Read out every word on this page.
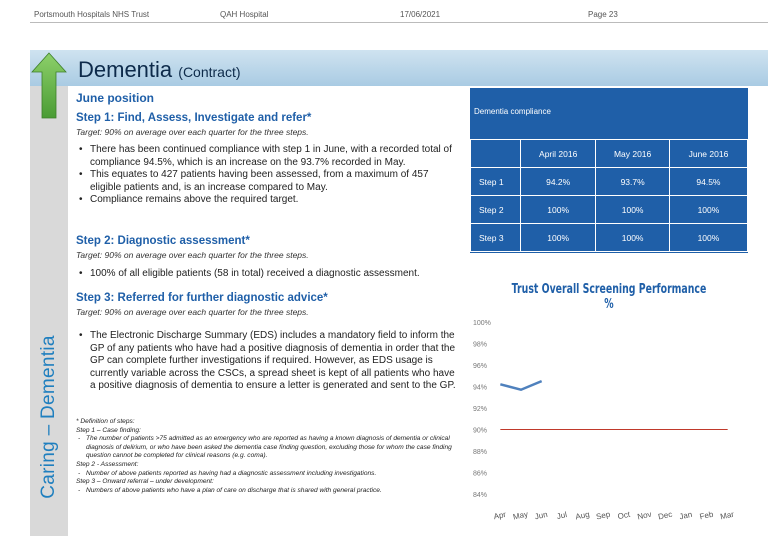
Portsmouth Hospitals NHS Trust	QAH Hospital	17/06/2021	Page 23
Dementia (Contract)
Caring – Dementia
June position
Step 1: Find, Assess, Investigate and refer*
Target: 90% on average over each quarter for the three steps.
• There has been continued compliance with step 1 in June, with a recorded total of compliance 94.5%, which is an increase on the 93.7% recorded in May.
• This equates to 427 patients having been assessed, from a maximum of 457 eligible patients and, is an increase compared to May.
• Compliance remains above the required target.
Step 2: Diagnostic assessment*
Target: 90% on average over each quarter for the three steps.
• 100% of all eligible patients (58 in total) received a diagnostic assessment.
Step 3: Referred for further diagnostic advice*
Target: 90% on average over each quarter for the three steps.
• The Electronic Discharge Summary (EDS) includes a mandatory field to inform the GP of any patients who have had a positive diagnosis of dementia in order that the GP can complete further investigations if required. However, as EDS usage is currently variable across the CSCs, a spread sheet is kept of all patients who have a positive diagnosis of dementia to ensure a letter is generated and sent to the GP.
* Definition of steps:
Step 1 – Case finding:
- The number of patients >75 admitted as an emergency who are reported as having a known diagnosis of dementia or clinical diagnosis of delirium, or who have been asked the dementia case finding question, excluding those for whom the case finding question cannot be completed for clinical reasons (e.g. coma).
Step 2 - Assessment:
- Number of above patients reported as having had a diagnostic assessment including investigations.
Step 3 – Onward referral – under development:
- Numbers of above patients who have a plan of care on discharge that is shared with general practice.
Dementia compliance
	April 2016	May 2016	June 2016
Step 1	94.2%	93.7%	94.5%
Step 2	100%	100%	100%
Step 3	100%	100%	100%
Trust Overall Screening Performance %
100%
98%
96%
94%
92%
90%
88%
86%
84%
Apr May Jun Jul Aug Sep Oct Nov Dec Jan Feb Mar
